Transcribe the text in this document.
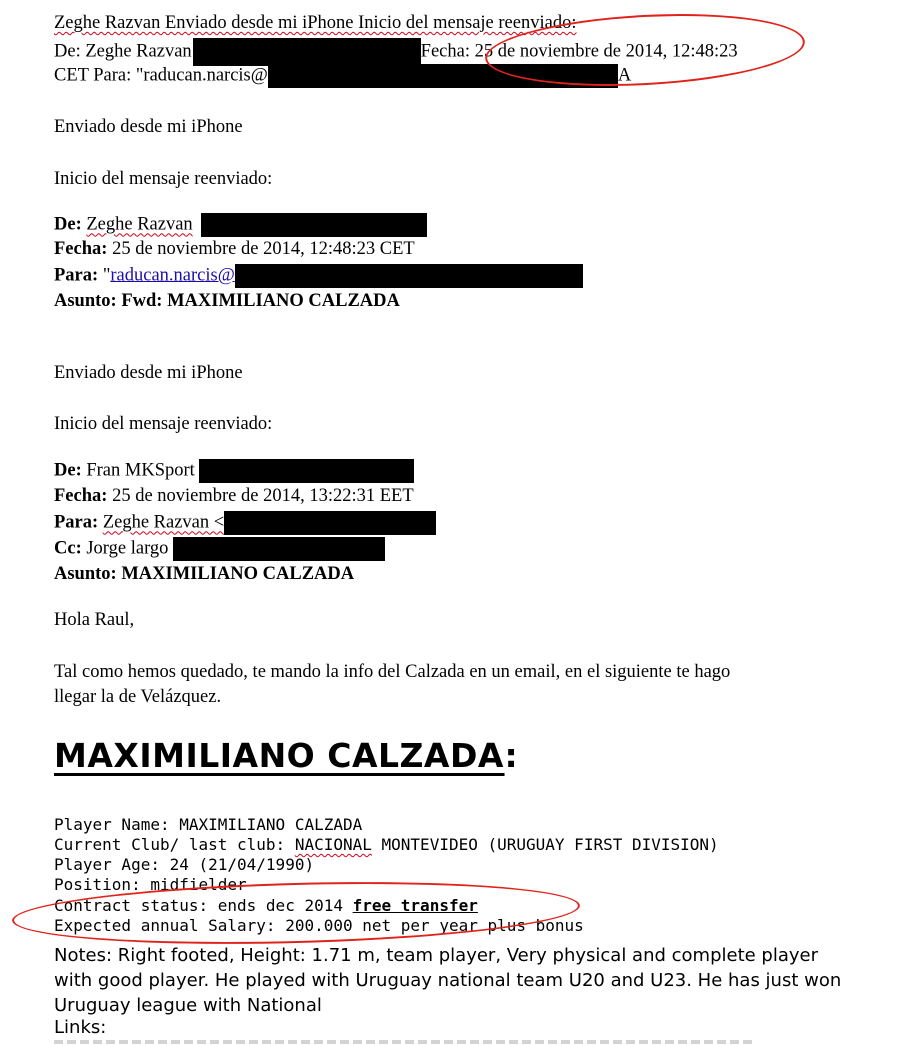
Zeghe Razvan Enviado desde mi iPhone Inicio del mensaje reenviado:
De: Zeghe Razvan	Fecha: 25 de noviembre de 2014, 12:48:23
CET Para: "raducan.narcis@	A
Enviado desde mi iPhone
Inicio del mensaje reenviado:
De: Zeghe Razvan
Fecha: 25 de noviembre de 2014, 12:48:23 CET
Para: "raducan.narcis@
Asunto: Fwd: MAXIMILIANO CALZADA
Enviado desde mi iPhone
Inicio del mensaje reenviado:
De: Fran MKSport
Fecha: 25 de noviembre de 2014, 13:22:31 EET
Para: Zeghe Razvan <
Cc: Jorge largo
Asunto: MAXIMILIANO CALZADA
Hola Raul,
Tal como hemos quedado, te mando la info del Calzada en un email, en el siguiente te hago
llegar la de Velázquez.
MAXIMILIANO CALZADA:
Player Name: MAXIMILIANO CALZADA
Current Club/ last club: NACIONAL MONTEVIDEO (URUGUAY FIRST DIVISION)
Player Age: 24 (21/04/1990)
Position: midfielder
Contract status: ends dec 2014 free transfer
Expected annual Salary: 200.000 net per year plus bonus
Notes: Right footed, Height: 1.71 m, team player, Very physical and complete player with good player. He played with Uruguay national team U20 and U23. He has just won Uruguay league with National
Links:
